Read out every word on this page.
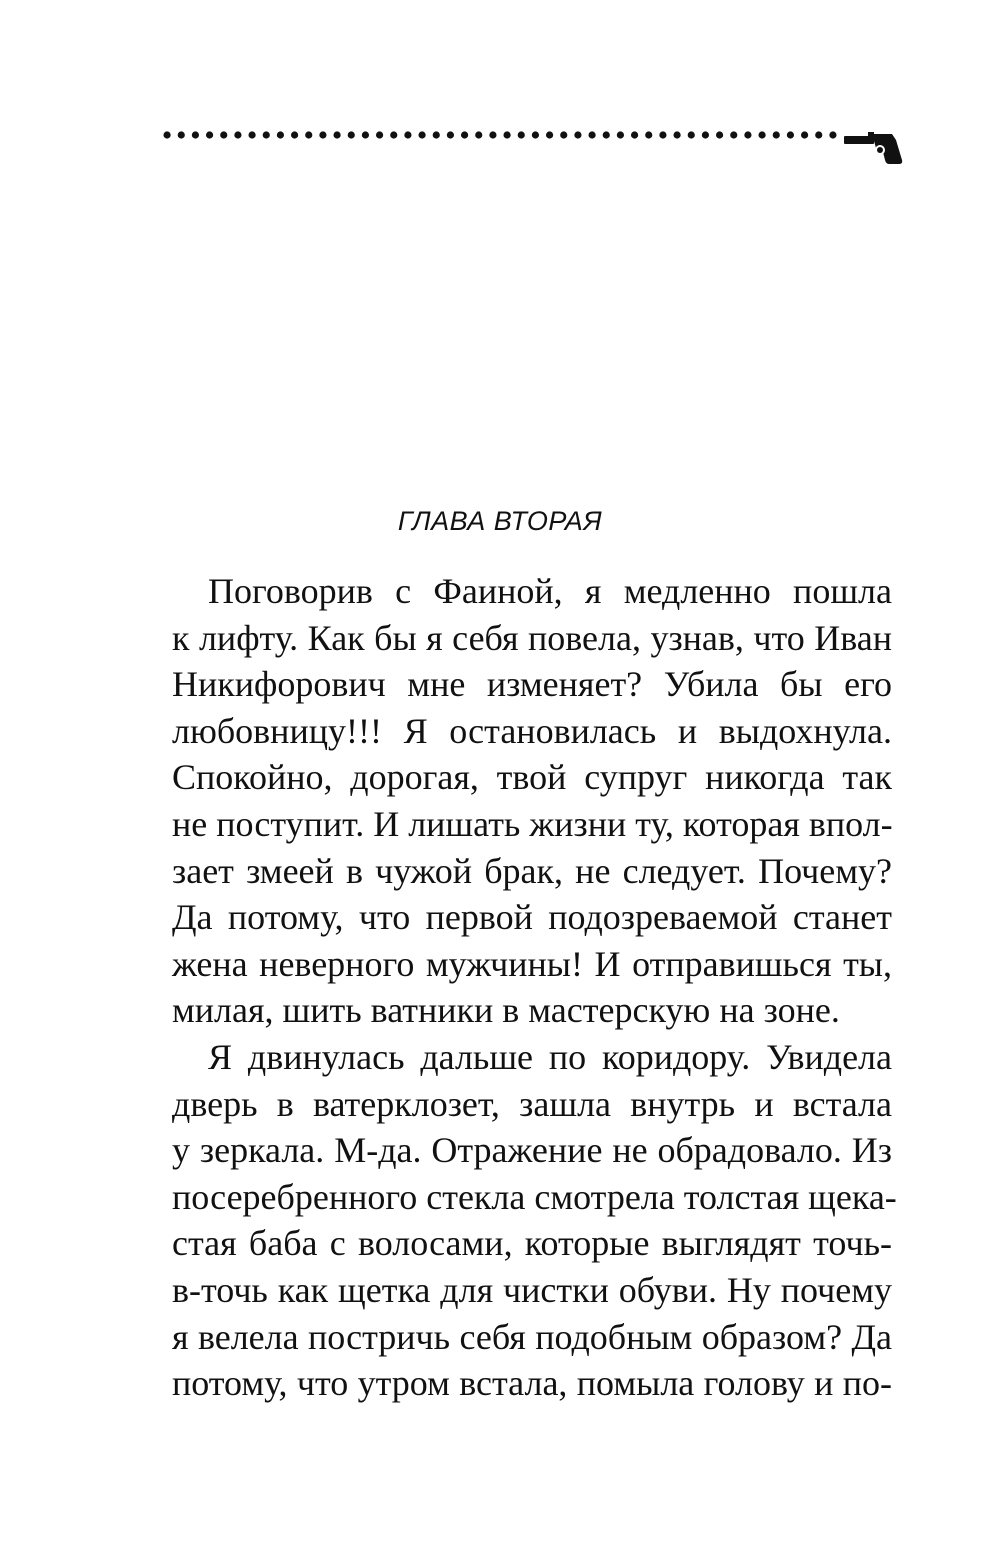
ГЛАВА ВТОРАЯ

Поговорив с Фаиной, я медленно пошла
к лифту. Как бы я себя повела, узнав, что Иван
Никифорович мне изменяет? Убила бы его
любовницу!!! Я остановилась и выдохнула.
Спокойно, дорогая, твой супруг никогда так
не поступит. И лишать жизни ту, которая впол-
зает змеей в чужой брак, не следует. Почему?
Да потому, что первой подозреваемой станет
жена неверного мужчины! И отправишься ты,
милая, шить ватники в мастерскую на зоне.

Я двинулась дальше по коридору. Увидела
дверь в ватерклозет, зашла внутрь и встала
у зеркала. М-да. Отражение не обрадовало. Из
посеребренного стекла смотрела толстая щека-
стая баба с волосами, которые выглядят точь-
в-точь как щетка для чистки обуви. Ну почему
я велела постричь себя подобным образом? Да
потому, что утром встала, помыла голову и по-
